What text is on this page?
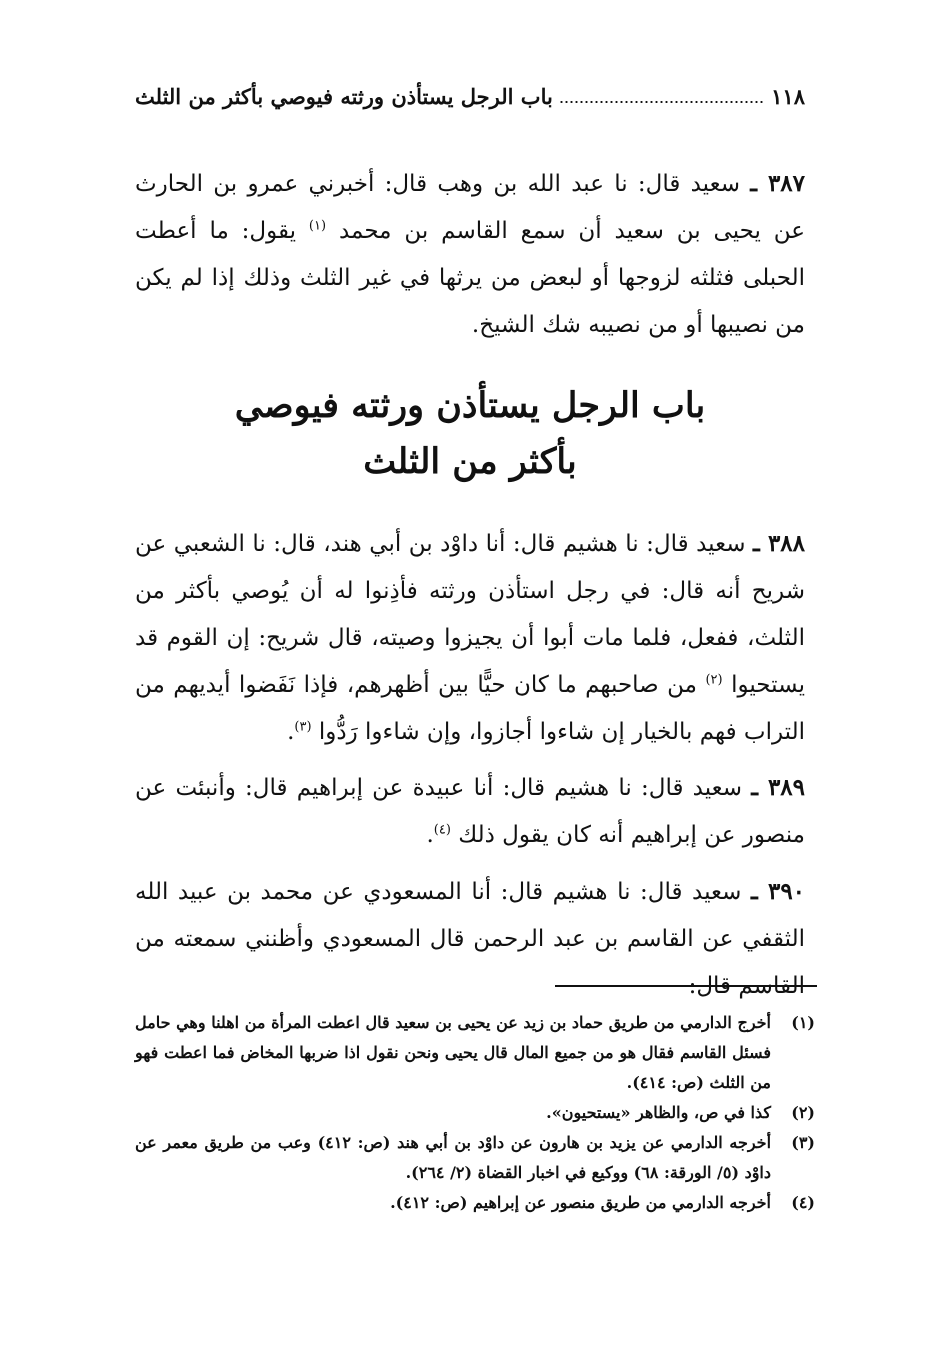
١١٨
باب الرجل يستأذن ورثته فيوصي بأكثر من الثلث

٣٨٧ ـ سعيد قال: نا عبد الله بن وهب قال: أخبرني عمرو بن الحارث عن يحيى بن سعيد أن سمع القاسم بن محمد $^{(١)}$ يقول: ما أعطت الحبلى فثلثه لزوجها أو لبعض من يرثها في غير الثلث وذلك إذا لم يكن من نصيبها أو من نصيبه شك الشيخ.

باب الرجل يستأذن ورثته فيوصي
بأكثر من الثلث

٣٨٨ ـ سعيد قال: نا هشيم قال: أنا داوْد بن أبي هند، قال: نا الشعبي عن شريح أنه قال: في رجل استأذن ورثته فأذِنوا له أن يُوصي بأكثر من الثلث، ففعل، فلما مات أبوا أن يجيزوا وصيته، قال شريح: إن القوم قد يستحيوا $^{(٢)}$ من صاحبهم ما كان حيًّا بين أظهرهم، فإذا نَفَضوا أيديهم من التراب فهم بالخيار إن شاءوا أجازوا، وإن شاءوا رَدُّوا $^{(٣)}$.

٣٨٩ ـ سعيد قال: نا هشيم قال: أنا عبيدة عن إبراهيم قال: وأنبئت عن منصور عن إبراهيم أنه كان يقول ذلك $^{(٤)}$.

٣٩٠ ـ سعيد قال: نا هشيم قال: أنا المسعودي عن محمد بن عبيد الله الثقفي عن القاسم بن عبد الرحمن قال المسعودي وأظنني سمعته من القاسم قال:

(١)
أخرج الدارمي من طريق حماد بن زيد عن يحيى بن سعيد قال اعطت المرأة من اهلنا وهي حامل فسئل القاسم فقال هو من جميع المال قال يحيى ونحن نقول اذا ضربها المخاض فما اعطت فهو من الثلث (ص: ٤١٤).

(٢)
كذا في ص، والظاهر «يستحيون».

(٣)
أخرجه الدارمي عن يزيد بن هارون عن داوْد بن أبي هند (ص: ٤١٢) وعب من طريق معمر عن داوْد (٥/ الورقة: ٦٨) ووكيع في اخبار القضاة (٢/ ٢٦٤).

(٤)
أخرجه الدارمي من طريق منصور عن إبراهيم (ص: ٤١٢).
